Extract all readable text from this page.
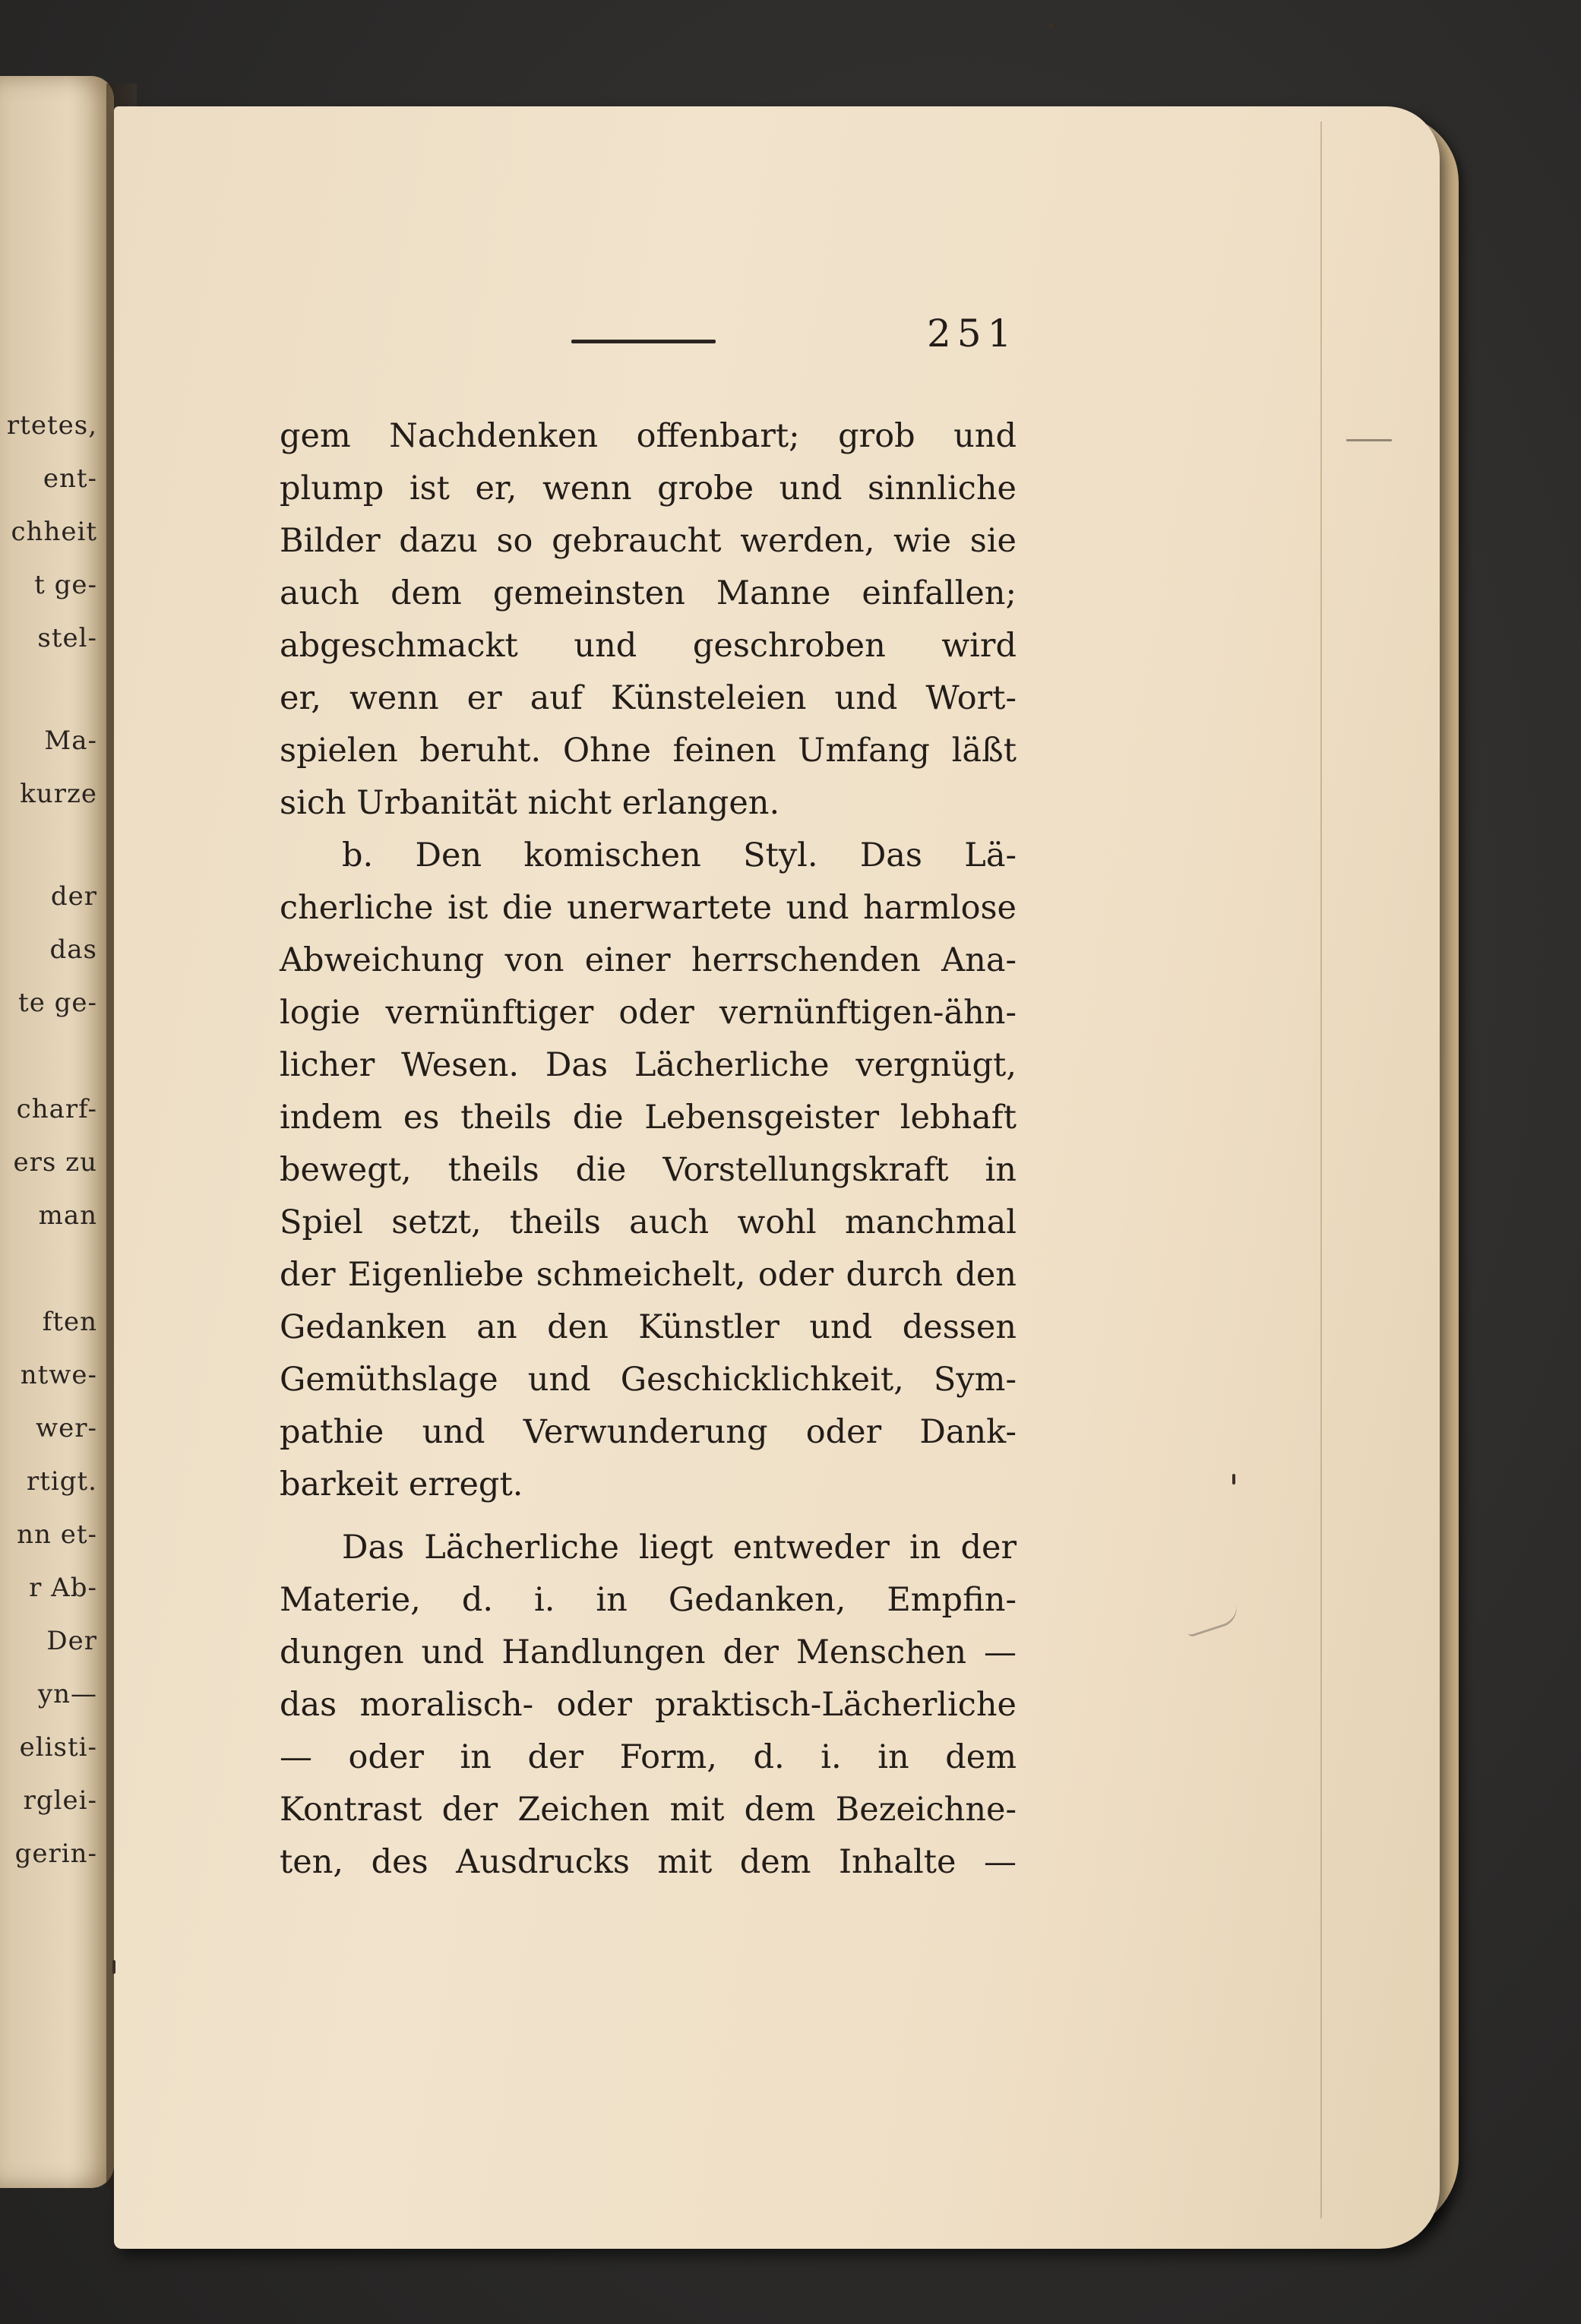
rtetes,
ent-
chheit
t ge-
stel-
Ma-
kurze
der
das
te ge-
charf-
ers zu
man
ften
ntwe-
wer-
rtigt.
nn et-
r Ab-
Der
yn—
elisti-
rglei-
gerin-
251
gem Nachdenken offenbart; grob und
plump ist er, wenn grobe und sinnliche
Bilder dazu so gebraucht werden, wie sie
auch dem gemeinsten Manne einfallen;
abgeschmackt und geschroben wird
er, wenn er auf Künsteleien und Wort-
spielen beruht. Ohne feinen Umfang läßt
sich Urbanität nicht erlangen.
b. Den komischen Styl. Das Lä-
cherliche ist die unerwartete und harmlose
Abweichung von einer herrschenden Ana-
logie vernünftiger oder vernünftigen-ähn-
licher Wesen. Das Lächerliche vergnügt,
indem es theils die Lebensgeister lebhaft
bewegt, theils die Vorstellungskraft in
Spiel setzt, theils auch wohl manchmal
der Eigenliebe schmeichelt, oder durch den
Gedanken an den Künstler und dessen
Gemüthslage und Geschicklichkeit, Sym-
pathie und Verwunderung oder Dank-
barkeit erregt.
Das Lächerliche liegt entweder in der
Materie, d. i. in Gedanken, Empfin-
dungen und Handlungen der Menschen —
das moralisch- oder praktisch-Lächerliche
— oder in der Form, d. i. in dem
Kontrast der Zeichen mit dem Bezeichne-
ten, des Ausdrucks mit dem Inhalte —
